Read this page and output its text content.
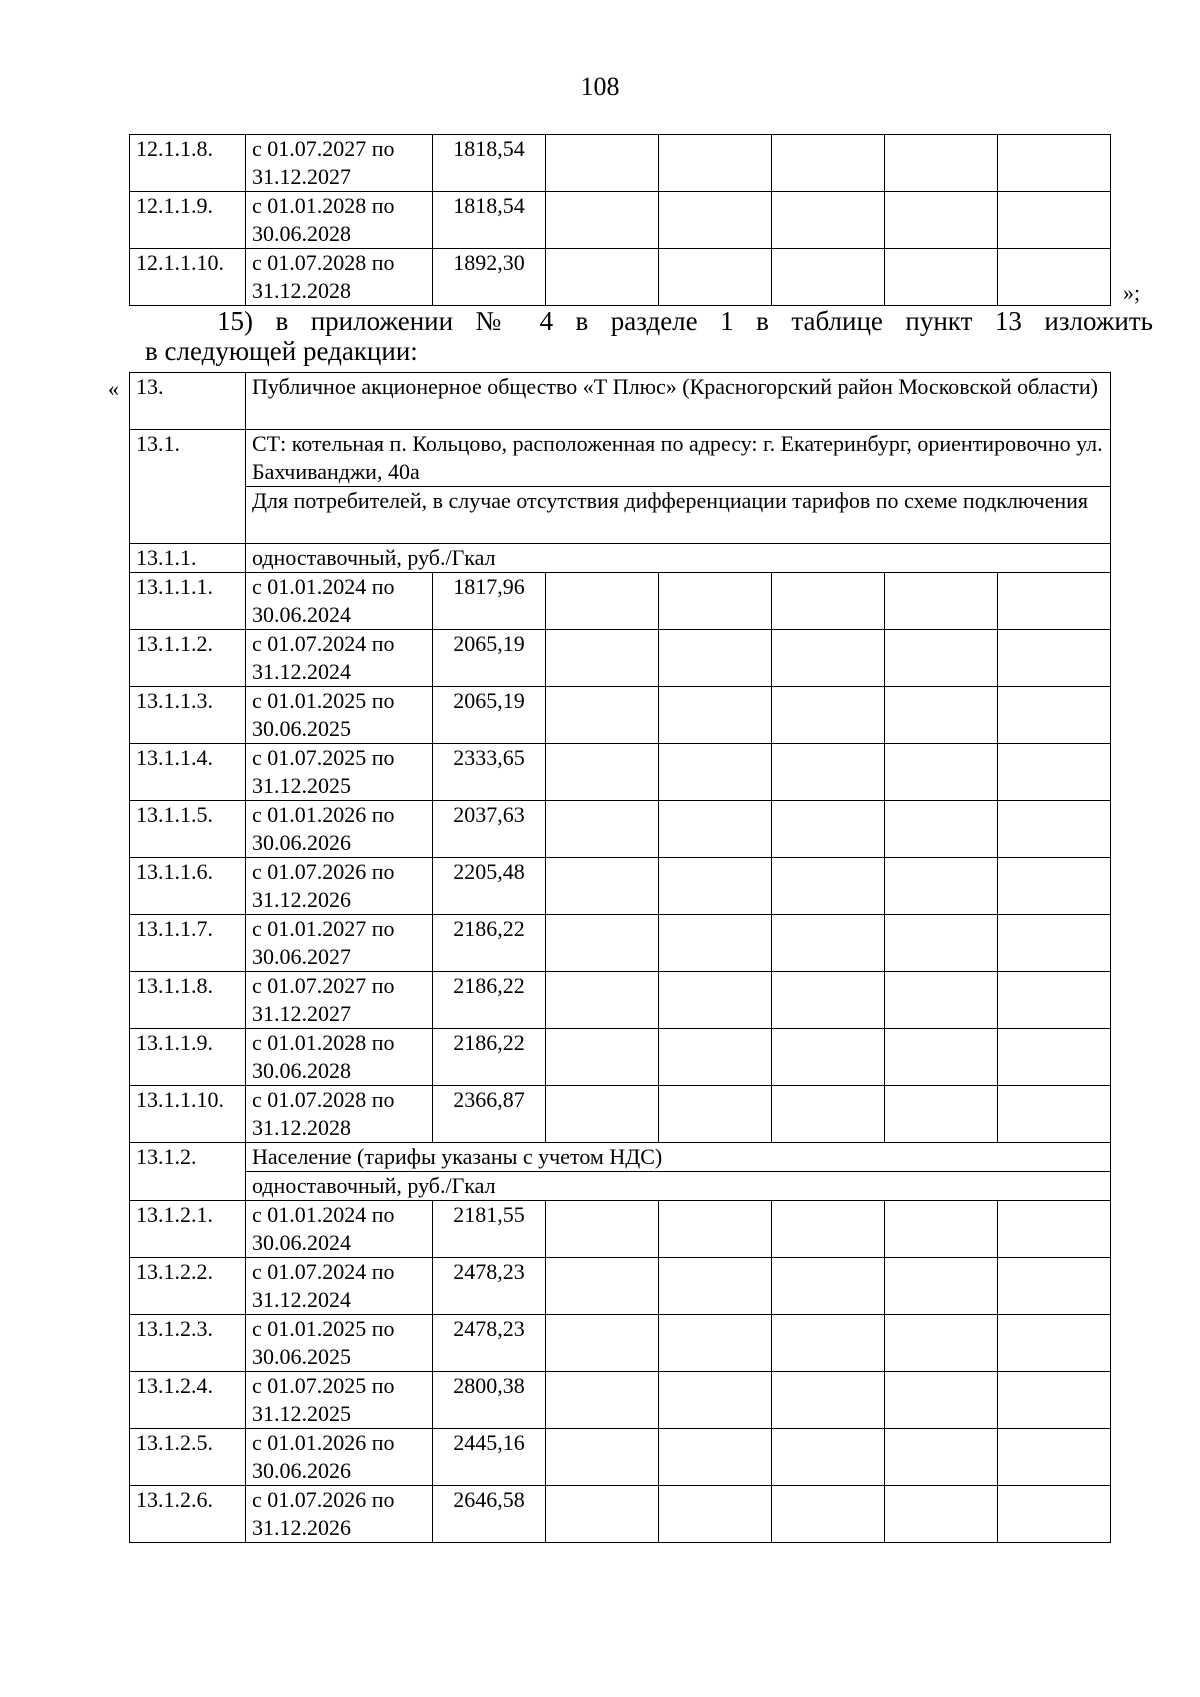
108
12.1.1.8.	с 01.07.2027 по 31.12.2027	1818,54					
12.1.1.9.	с 01.01.2028 по 30.06.2028	1818,54					
12.1.1.10.	с 01.07.2028 по 31.12.2028	1892,30					
»;
15) в приложении № 4 в разделе 1 в таблице пункт 13 изложить
в следующей редакции:
« 13.	Публичное акционерное общество «Т Плюс» (Красногорский район Московской области)						
13.1.	СТ: котельная п. Кольцово, расположенная по адресу: г. Екатеринбург, ориентировочно ул. Бахчиванджи, 40а						
	Для потребителей, в случае отсутствия дифференциации тарифов по схеме подключения						
13.1.1.	одноставочный, руб./Гкал						
13.1.1.1.	с 01.01.2024 по 30.06.2024	1817,96					
13.1.1.2.	с 01.07.2024 по 31.12.2024	2065,19					
13.1.1.3.	с 01.01.2025 по 30.06.2025	2065,19					
13.1.1.4.	с 01.07.2025 по 31.12.2025	2333,65					
13.1.1.5.	с 01.01.2026 по 30.06.2026	2037,63					
13.1.1.6.	с 01.07.2026 по 31.12.2026	2205,48					
13.1.1.7.	с 01.01.2027 по 30.06.2027	2186,22					
13.1.1.8.	с 01.07.2027 по 31.12.2027	2186,22					
13.1.1.9.	с 01.01.2028 по 30.06.2028	2186,22					
13.1.1.10.	с 01.07.2028 по 31.12.2028	2366,87					
13.1.2.	Население (тарифы указаны с учетом НДС)						
	одноставочный, руб./Гкал						
13.1.2.1.	с 01.01.2024 по 30.06.2024	2181,55					
13.1.2.2.	с 01.07.2024 по 31.12.2024	2478,23					
13.1.2.3.	с 01.01.2025 по 30.06.2025	2478,23					
13.1.2.4.	с 01.07.2025 по 31.12.2025	2800,38					
13.1.2.5.	с 01.01.2026 по 30.06.2026	2445,16					
13.1.2.6.	с 01.07.2026 по 31.12.2026	2646,58					
